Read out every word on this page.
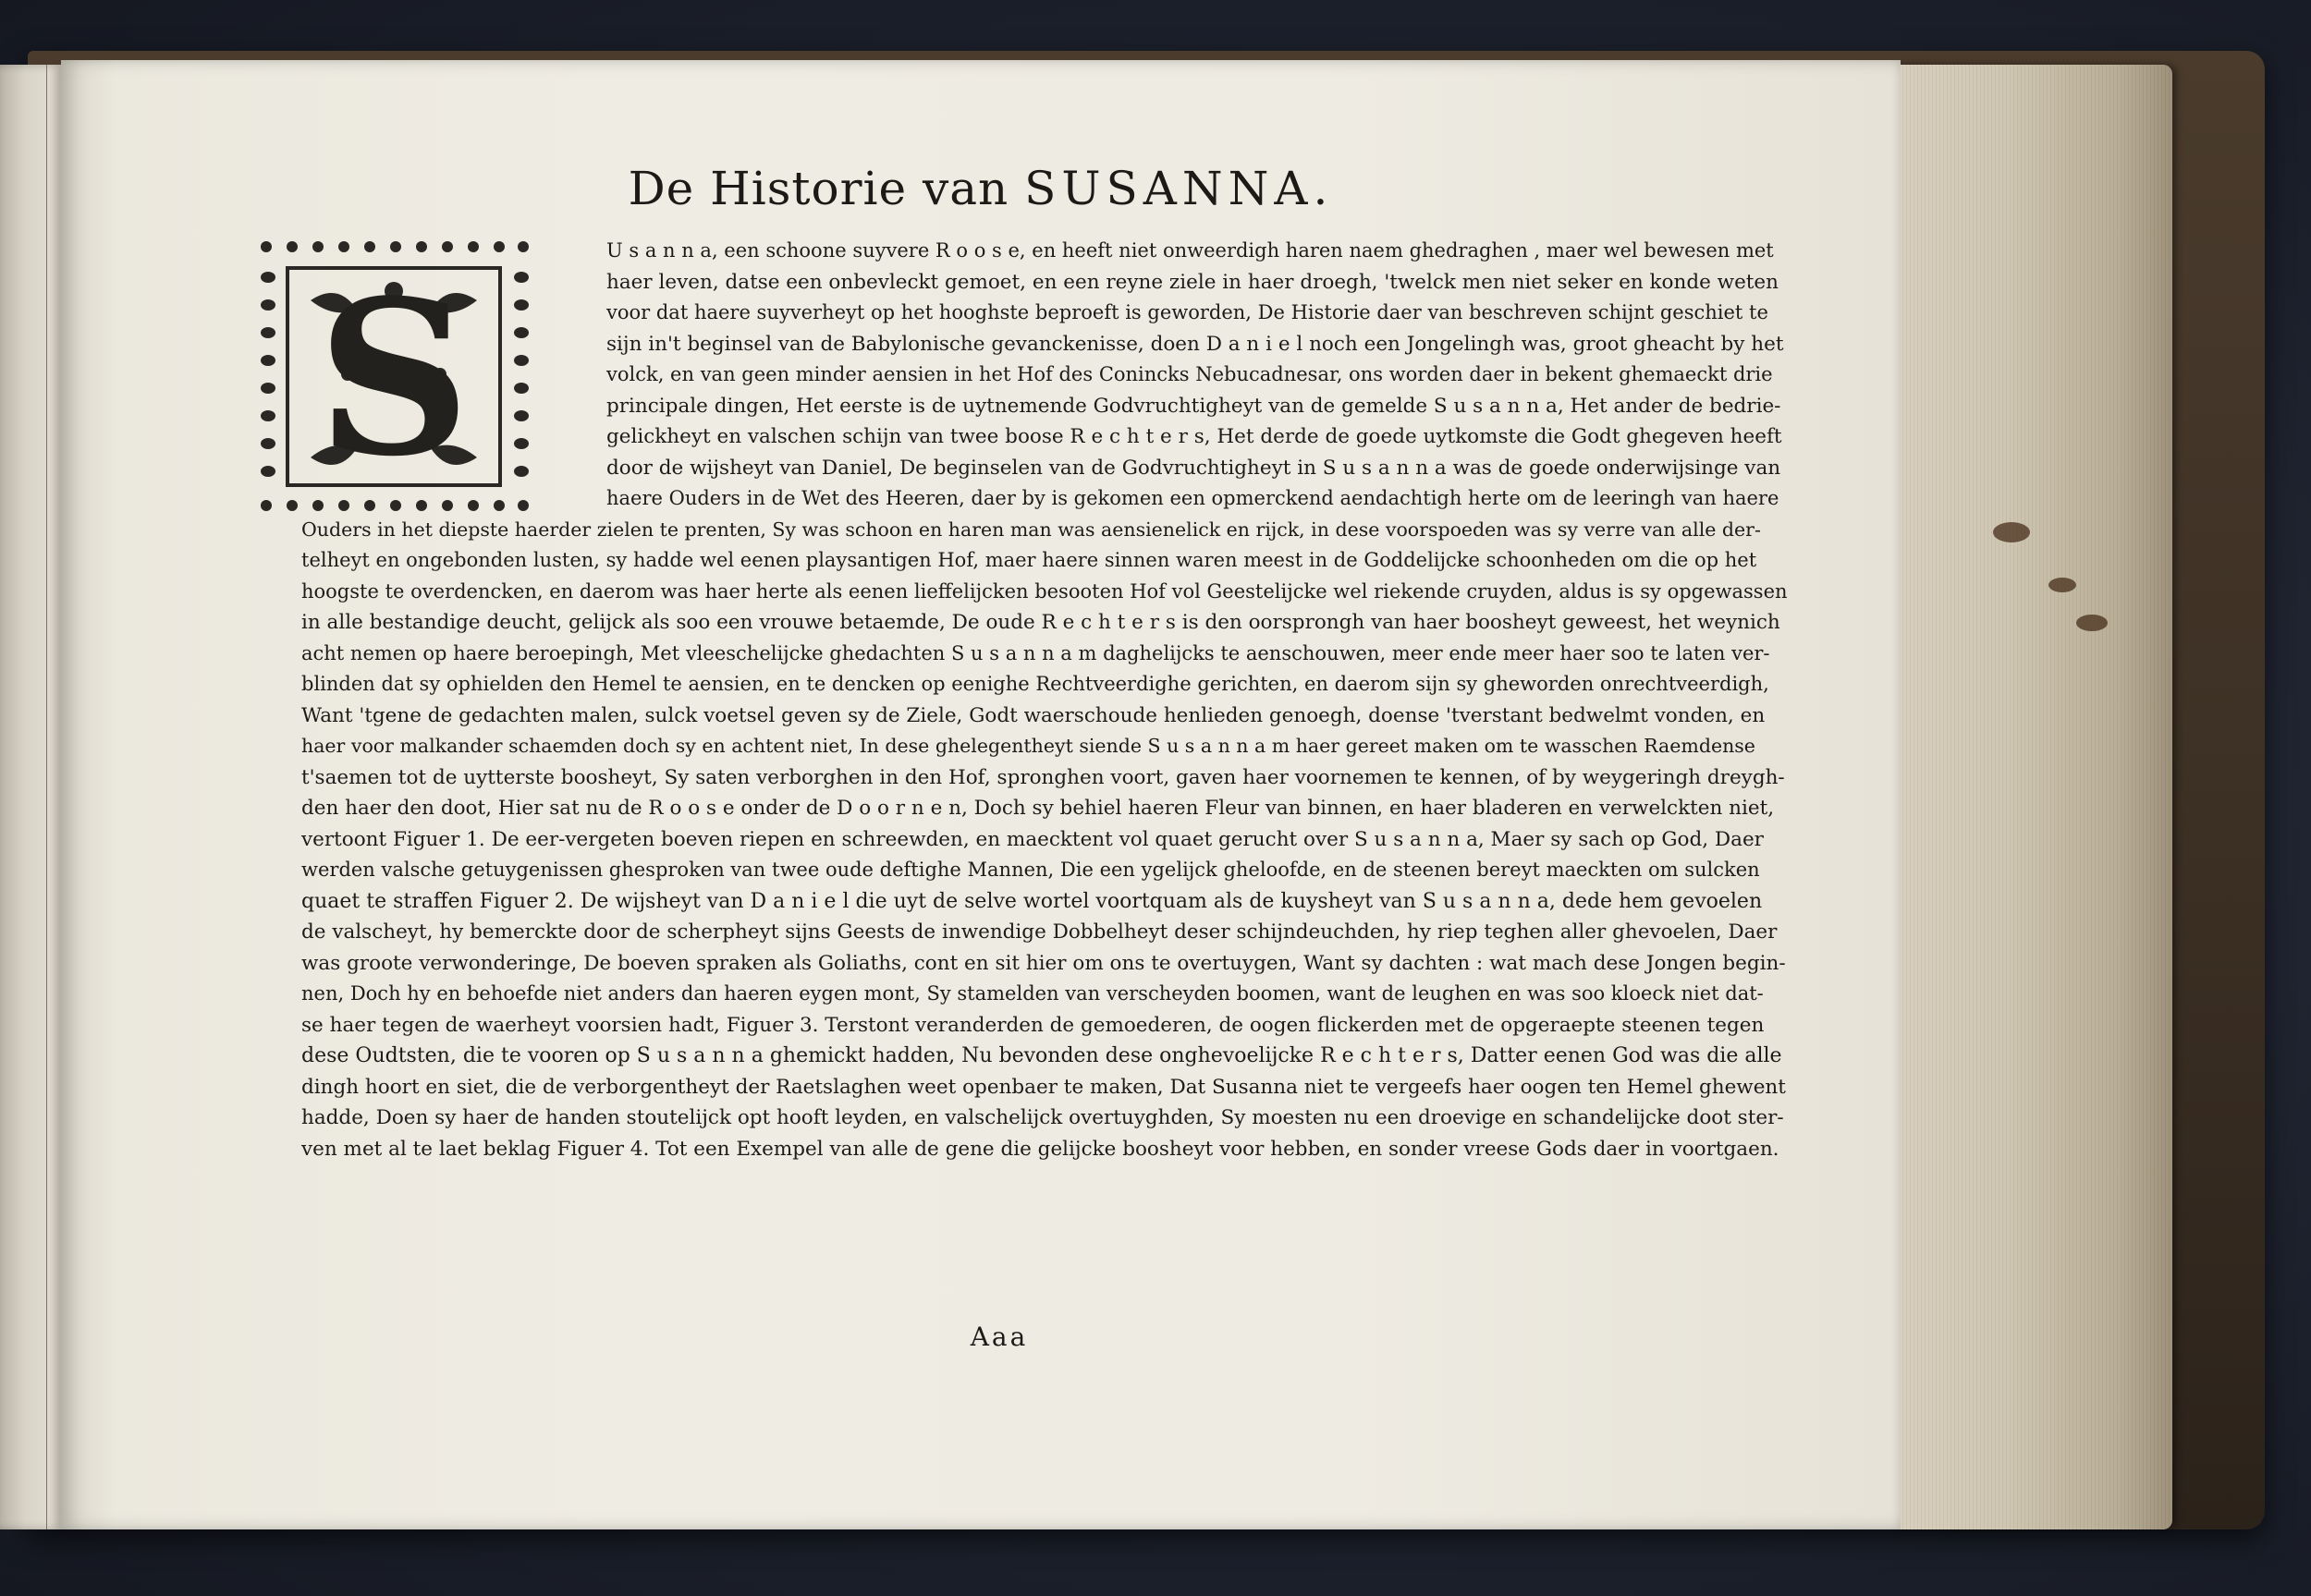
De Historie van SUSANNA.
S
U s a n n a, een schoone suyvere R o o s e, en heeft niet onweerdigh haren naem ghedraghen , maer wel bewesen met
haer leven, datse een onbevleckt gemoet, en een reyne ziele in haer droegh, 'twelck men niet seker en konde weten
voor dat haere suyverheyt op het hooghste beproeft is geworden, De Historie daer van beschreven schijnt geschiet te
sijn in't beginsel van de Babylonische gevanckenisse, doen D a n i e l noch een Jongelingh was, groot gheacht by het
volck, en van geen minder aensien in het Hof des Conincks Nebucadnesar, ons worden daer in bekent ghemaeckt drie
principale dingen, Het eerste is de uytnemende Godvruchtigheyt van de gemelde S u s a n n a, Het ander de bedrie-
gelickheyt en valschen schijn van twee boose R e c h t e r s, Het derde de goede uytkomste die Godt ghegeven heeft
door de wijsheyt van Daniel, De beginselen van de Godvruchtigheyt in S u s a n n a was de goede onderwijsinge van
haere Ouders in de Wet des Heeren, daer by is gekomen een opmerckend aendachtigh herte om de leeringh van haere
Ouders in het diepste haerder zielen te prenten, Sy was schoon en haren man was aensienelick en rijck, in dese voorspoeden was sy verre van alle der-
telheyt en ongebonden lusten, sy hadde wel eenen playsantigen Hof, maer haere sinnen waren meest in de Goddelijcke schoonheden om die op het
hoogste te overdencken, en daerom was haer herte als eenen lieffelijcken besooten Hof vol Geestelijcke wel riekende cruyden, aldus is sy opgewassen
in alle bestandige deucht, gelijck als soo een vrouwe betaemde, De oude R e c h t e r s is den oorsprongh van haer boosheyt geweest, het weynich
acht nemen op haere beroepingh, Met vleeschelijcke ghedachten S u s a n n a m daghelijcks te aenschouwen, meer ende meer haer soo te laten ver-
blinden dat sy ophielden den Hemel te aensien, en te dencken op eenighe Rechtveerdighe gerichten, en daerom sijn sy gheworden onrechtveerdigh,
Want 'tgene de gedachten malen, sulck voetsel geven sy de Ziele, Godt waerschoude henlieden genoegh, doense 'tverstant bedwelmt vonden, en
haer voor malkander schaemden doch sy en achtent niet, In dese ghelegentheyt siende S u s a n n a m haer gereet maken om te wasschen Raemdense
t'saemen tot de uytterste boosheyt, Sy saten verborghen in den Hof, spronghen voort, gaven haer voornemen te kennen, of by weygeringh dreygh-
den haer den doot, Hier sat nu de R o o s e onder de D o o r n e n, Doch sy behiel haeren Fleur van binnen, en haer bladeren en verwelckten niet,
vertoont Figuer 1. De eer-vergeten boeven riepen en schreewden, en maecktent vol quaet gerucht over S u s a n n a, Maer sy sach op God, Daer
werden valsche getuygenissen ghesproken van twee oude deftighe Mannen, Die een ygelijck gheloofde, en de steenen bereyt maeckten om sulcken
quaet te straffen Figuer 2. De wijsheyt van D a n i e l die uyt de selve wortel voortquam als de kuysheyt van S u s a n n a, dede hem gevoelen
de valscheyt, hy bemerckte door de scherpheyt sijns Geests de inwendige Dobbelheyt deser schijndeuchden, hy riep teghen aller ghevoelen, Daer
was groote verwonderinge, De boeven spraken als Goliaths, cont en sit hier om ons te overtuygen, Want sy dachten : wat mach dese Jongen begin-
nen, Doch hy en behoefde niet anders dan haeren eygen mont, Sy stamelden van verscheyden boomen, want de leughen en was soo kloeck niet dat-
se haer tegen de waerheyt voorsien hadt, Figuer 3. Terstont veranderden de gemoederen, de oogen flickerden met de opgeraepte steenen tegen
dese Oudtsten, die te vooren op S u s a n n a ghemickt hadden, Nu bevonden dese onghevoelijcke R e c h t e r s, Datter eenen God was die alle
dingh hoort en siet, die de verborgentheyt der Raetslaghen weet openbaer te maken, Dat Susanna niet te vergeefs haer oogen ten Hemel ghewent
hadde, Doen sy haer de handen stoutelijck opt hooft leyden, en valschelijck overtuyghden, Sy moesten nu een droevige en schandelijcke doot ster-
ven met al te laet beklag Figuer 4. Tot een Exempel van alle de gene die gelijcke boosheyt voor hebben, en sonder vreese Gods daer in voortgaen.
Aaa
